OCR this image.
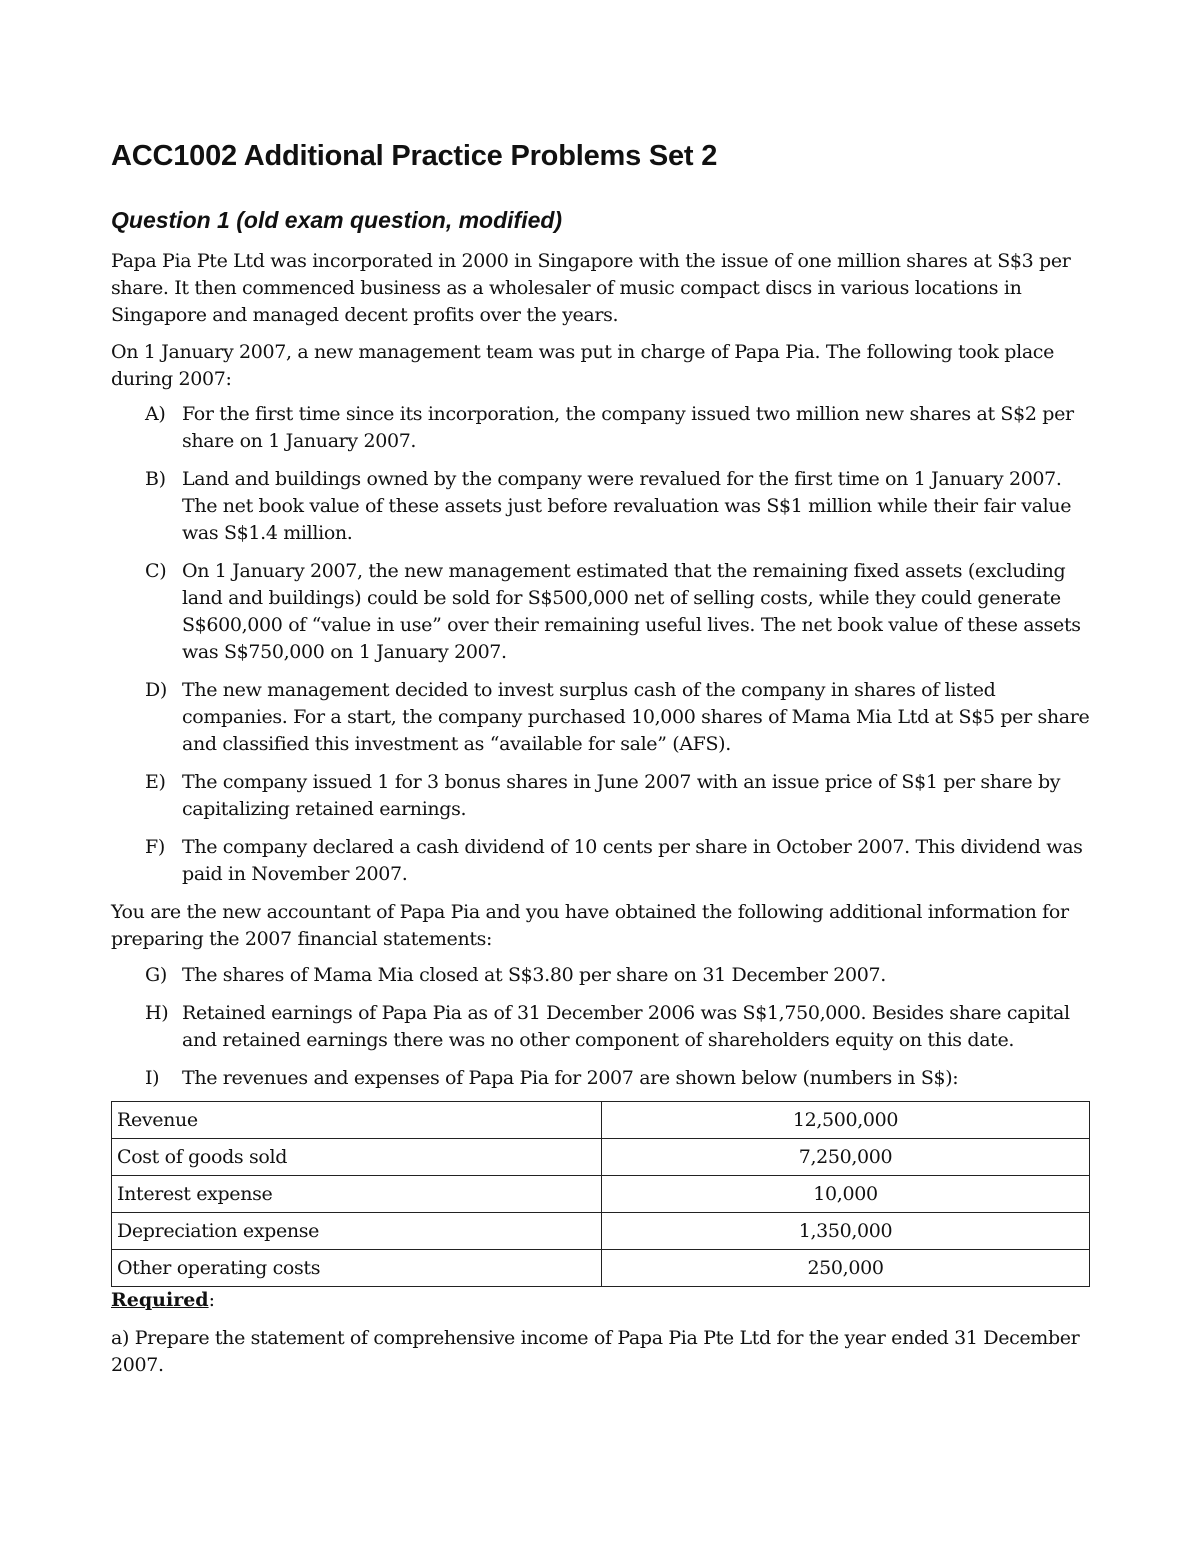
ACC1002 Additional Practice Problems Set 2
Question 1 (old exam question, modified)

Papa Pia Pte Ltd was incorporated in 2000 in Singapore with the issue of one million shares at S$3 per share. It then commenced business as a wholesaler of music compact discs in various locations in Singapore and managed decent profits over the years.

On 1 January 2007, a new management team was put in charge of Papa Pia. The following took place during 2007:

A) For the first time since its incorporation, the company issued two million new shares at S$2 per share on 1 January 2007.
B) Land and buildings owned by the company were revalued for the first time on 1 January 2007. The net book value of these assets just before revaluation was S$1 million while their fair value was S$1.4 million.
C) On 1 January 2007, the new management estimated that the remaining fixed assets (excluding land and buildings) could be sold for S$500,000 net of selling costs, while they could generate S$600,000 of “value in use” over their remaining useful lives. The net book value of these assets was S$750,000 on 1 January 2007.
D) The new management decided to invest surplus cash of the company in shares of listed companies. For a start, the company purchased 10,000 shares of Mama Mia Ltd at S$5 per share and classified this investment as “available for sale” (AFS).
E) The company issued 1 for 3 bonus shares in June 2007 with an issue price of S$1 per share by capitalizing retained earnings.
F) The company declared a cash dividend of 10 cents per share in October 2007. This dividend was paid in November 2007.

You are the new accountant of Papa Pia and you have obtained the following additional information for preparing the 2007 financial statements:

G) The shares of Mama Mia closed at S$3.80 per share on 31 December 2007.
H) Retained earnings of Papa Pia as of 31 December 2006 was S$1,750,000. Besides share capital and retained earnings there was no other component of shareholders equity on this date.
I) The revenues and expenses of Papa Pia for 2007 are shown below (numbers in S$):
Revenue	12,500,000
Cost of goods sold	7,250,000
Interest expense	10,000
Depreciation expense	1,350,000
Other operating costs	250,000

Required:

a) Prepare the statement of comprehensive income of Papa Pia Pte Ltd for the year ended 31 December 2007.
